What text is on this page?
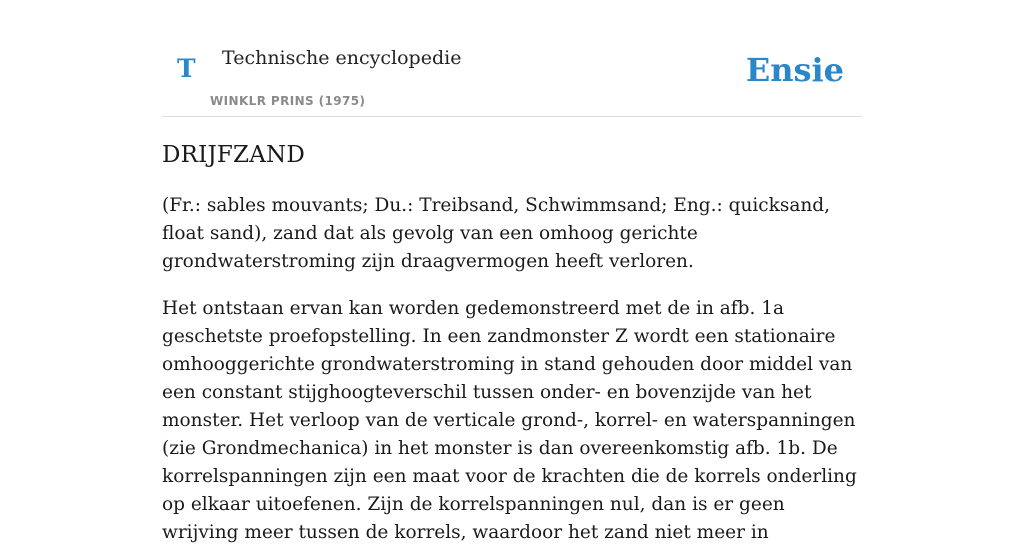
T Technische encyclopedie
WINKLR PRINS (1975)
Ensie
DRIJFZAND

(Fr.: sables mouvants; Du.: Treibsand, Schwimmsand; Eng.: quicksand, float sand), zand dat als gevolg van een omhoog gerichte grondwaterstroming zijn draagvermogen heeft verloren.

Het ontstaan ervan kan worden gedemonstreerd met de in afb. 1a geschetste proefopstelling. In een zandmonster Z wordt een stationaire omhooggerichte grondwaterstroming in stand gehouden door middel van een constant stijghoogteverschil tussen onder- en bovenzijde van het monster. Het verloop van de verticale grond-, korrel- en waterspanningen (zie Grondmechanica) in het monster is dan overeenkomstig afb. 1b. De korrelspanningen zijn een maat voor de krachten die de korrels onderling op elkaar uitoefenen. Zijn de korrelspanningen nul, dan is er geen wrijving meer tussen de korrels, waardoor het zand niet meer in
